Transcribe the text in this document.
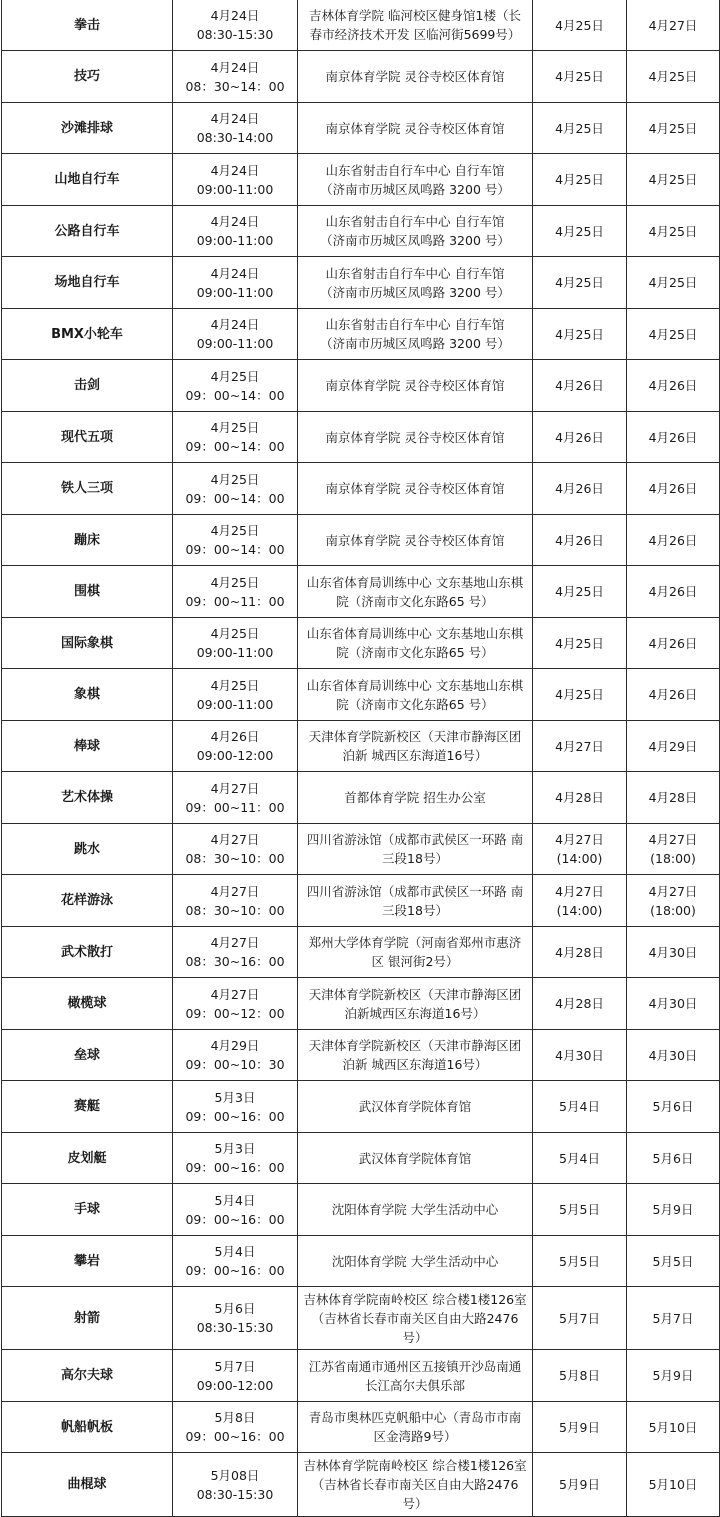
拳击	4月24日
08:30-15:30	吉林体育学院 临河校区健身馆1楼（长
春市经济技术开发 区临河街5699号）	4月25日	4月27日

技巧	4月24日
08：30~14：00	南京体育学院 灵谷寺校区体育馆	4月25日	4月25日

沙滩排球	4月24日
08:30-14:00	南京体育学院 灵谷寺校区体育馆	4月25日	4月25日

山地自行车	4月24日
09:00-11:00	山东省射击自行车中心 自行车馆
（济南市历城区凤鸣路 3200 号）	4月25日	4月25日

公路自行车	4月24日
09:00-11:00	山东省射击自行车中心 自行车馆
（济南市历城区凤鸣路 3200 号）	4月25日	4月25日

场地自行车	4月24日
09:00-11:00	山东省射击自行车中心 自行车馆
（济南市历城区凤鸣路 3200 号）	4月25日	4月25日

BMX小轮车	4月24日
09:00-11:00	山东省射击自行车中心 自行车馆
（济南市历城区凤鸣路 3200 号）	4月25日	4月25日

击剑	4月25日
09：00~14：00	南京体育学院 灵谷寺校区体育馆	4月26日	4月26日

现代五项	4月25日
09：00~14：00	南京体育学院 灵谷寺校区体育馆	4月26日	4月26日

铁人三项	4月25日
09：00~14：00	南京体育学院 灵谷寺校区体育馆	4月26日	4月26日

蹦床	4月25日
09：00~14：00	南京体育学院 灵谷寺校区体育馆	4月26日	4月26日

围棋	4月25日
09：00~11：00	山东省体育局训练中心 文东基地山东棋
院（济南市文化东路65 号）	4月25日	4月26日

国际象棋	4月25日
09:00-11:00	山东省体育局训练中心 文东基地山东棋
院（济南市文化东路65 号）	4月25日	4月26日

象棋	4月25日
09:00-11:00	山东省体育局训练中心 文东基地山东棋
院（济南市文化东路65 号）	4月25日	4月26日

棒球	4月26日
09:00-12:00	天津体育学院新校区（天津市静海区团
泊新 城西区东海道16号）	4月27日	4月29日

艺术体操	4月27日
09：00~11：00	首都体育学院 招生办公室	4月28日	4月28日

跳水	4月27日
08：30~10：00	四川省游泳馆（成都市武侯区一环路 南
三段18号）	4月27日
(14:00)	4月27日
(18:00)

花样游泳	4月27日
08：30~10：00	四川省游泳馆（成都市武侯区一环路 南
三段18号）	4月27日
(14:00)	4月27日
(18:00)

武术散打	4月27日
08：30~16：00	郑州大学体育学院（河南省郑州市惠济
区 银河街2号）	4月28日	4月30日

橄榄球	4月27日
09：00~12：00	天津体育学院新校区（天津市静海区团
泊新城西区东海道16号）	4月28日	4月30日

垒球	4月29日
09：00~10：30	天津体育学院新校区（天津市静海区团
泊新 城西区东海道16号）	4月30日	4月30日

赛艇	5月3日
09：00~16：00	武汉体育学院体育馆	5月4日	5月6日

皮划艇	5月3日
09：00~16：00	武汉体育学院体育馆	5月4日	5月6日

手球	5月4日
09：00~16：00	沈阳体育学院 大学生活动中心	5月5日	5月9日

攀岩	5月4日
09：00~16：00	沈阳体育学院 大学生活动中心	5月5日	5月5日

射箭	5月6日
08:30-15:30	吉林体育学院南岭校区 综合楼1楼126室
（吉林省长春市南关区自由大路2476
号）	5月7日	5月7日

高尔夫球	5月7日
09:00-12:00	江苏省南通市通州区五接镇开沙岛南通
长江高尔夫俱乐部	5月8日	5月9日

帆船帆板	5月8日
09：00~16：00	青岛市奥林匹克帆船中心（青岛市市南
区金湾路9号）	5月9日	5月10日

曲棍球	5月08日
08:30-15:30	吉林体育学院南岭校区 综合楼1楼126室
（吉林省长春市南关区自由大路2476
号）	5月9日	5月10日
